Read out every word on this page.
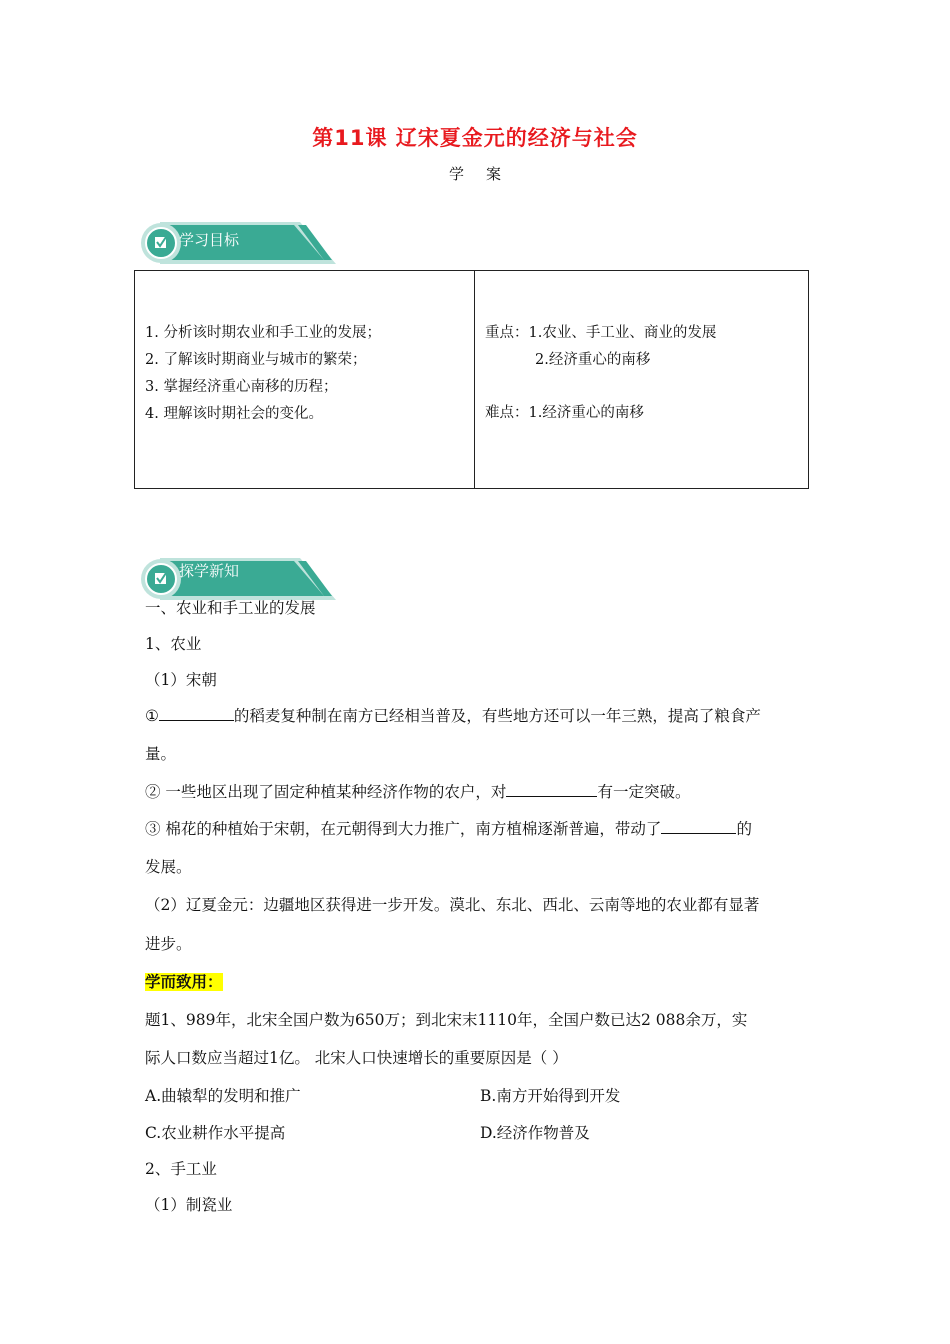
第11课 辽宋夏金元的经济与社会
学案
学习目标
1. 分析该时期农业和手工业的发展；
2. 了解该时期商业与城市的繁荣；
3. 掌握经济重心南移的历程；
4. 理解该时期社会的变化。
重点：1.农业、手工业、商业的发展
2.经济重心的南移
难点：1.经济重心的南移
探学新知
一、农业和手工业的发展
1、农业
（1）宋朝
①	的稻麦复种制在南方已经相当普及，有些地方还可以一年三熟，提高了粮食产
量。
② 一些地区出现了固定种植某种经济作物的农户，对	有一定突破。
③ 棉花的种植始于宋朝，在元朝得到大力推广，南方植棉逐渐普遍，带动了	的
发展。
（2）辽夏金元：边疆地区获得进一步开发。漠北、东北、西北、云南等地的农业都有显著
进步。
学而致用：
题1、989年，北宋全国户数为650万；到北宋末1110年，全国户数已达2 088余万，实
际人口数应当超过1亿。 北宋人口快速增长的重要原因是（ ）
A.曲辕犁的发明和推广	B.南方开始得到开发
C.农业耕作水平提高	D.经济作物普及
2、手工业
（1）制瓷业
